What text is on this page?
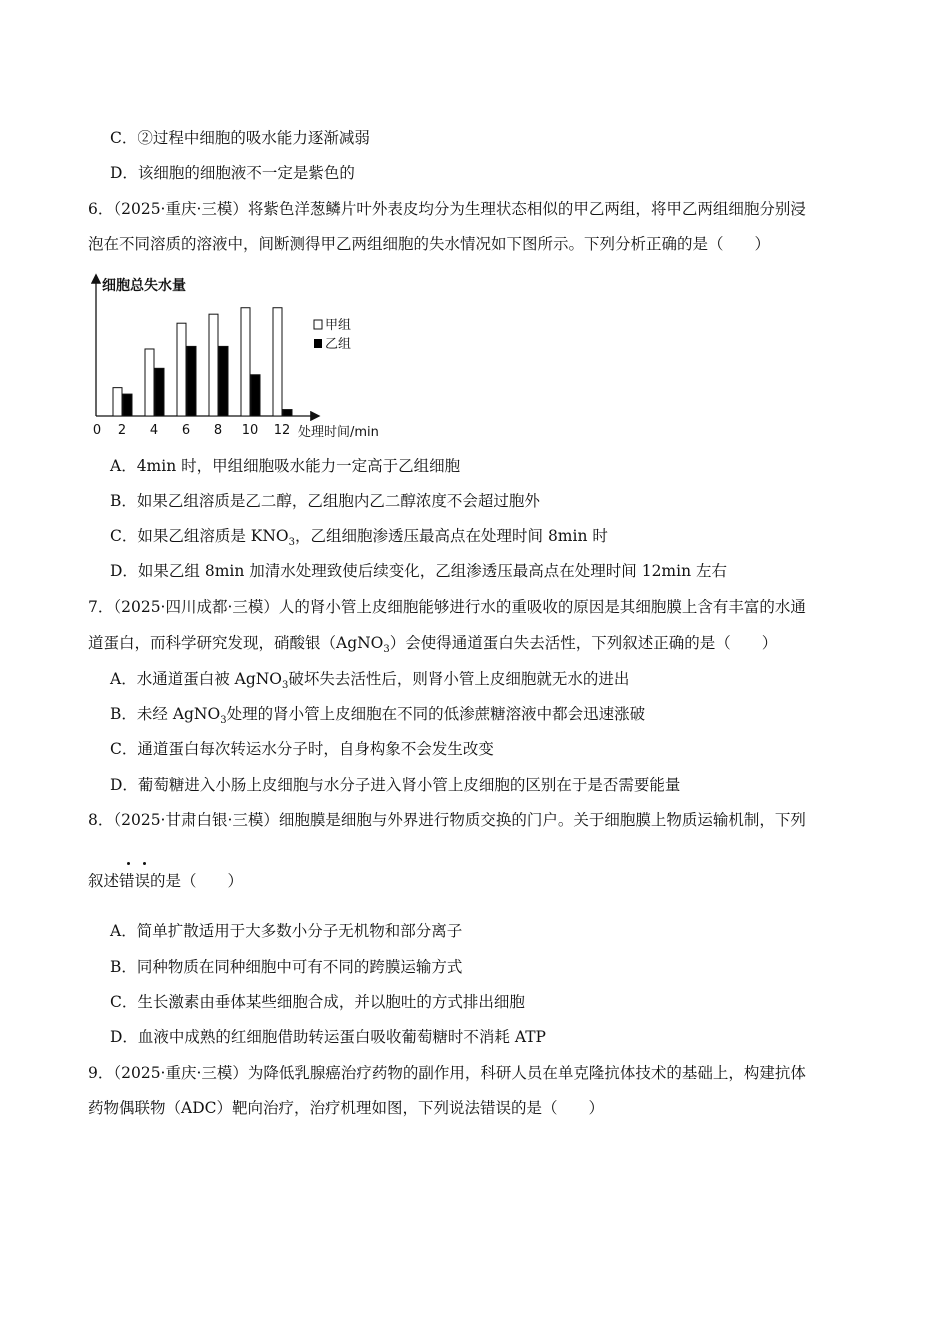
C．②过程中细胞的吸水能力逐渐减弱
D．该细胞的细胞液不一定是紫色的
6．（2025·重庆·三模）将紫色洋葱鳞片叶外表皮均分为生理状态相似的甲乙两组，将甲乙两组细胞分别浸
泡在不同溶质的溶液中，间断测得甲乙两组细胞的失水情况如下图所示。下列分析正确的是（　　）
细胞总失水量
处理时间/min
0 2 4 6 8 10 12
甲组
乙组
A．4min 时，甲组细胞吸水能力一定高于乙组细胞
B．如果乙组溶质是乙二醇，乙组胞内乙二醇浓度不会超过胞外
C．如果乙组溶质是 $KNO_3$，乙组细胞渗透压最高点在处理时间 8min 时
D．如果乙组 8min 加清水处理致使后续变化，乙组渗透压最高点在处理时间 12min 左右
7．（2025·四川成都·三模）人的肾小管上皮细胞能够进行水的重吸收的原因是其细胞膜上含有丰富的水通
道蛋白，而科学研究发现，硝酸银（AgNO$_3$）会使得通道蛋白失去活性，下列叙述正确的是（　　）
A．水通道蛋白被 AgNO$_3$破坏失去活性后，则肾小管上皮细胞就无水的进出
B．未经 AgNO$_3$处理的肾小管上皮细胞在不同的低渗蔗糖溶液中都会迅速涨破
C．通道蛋白每次转运水分子时，自身构象不会发生改变
D．葡萄糖进入小肠上皮细胞与水分子进入肾小管上皮细胞的区别在于是否需要能量
8．（2025·甘肃白银·三模）细胞膜是细胞与外界进行物质交换的门户。关于细胞膜上物质运输机制，下列
叙述错误的是（　　）
A．简单扩散适用于大多数小分子无机物和部分离子
B．同种物质在同种细胞中可有不同的跨膜运输方式
C．生长激素由垂体某些细胞合成，并以胞吐的方式排出细胞
D．血液中成熟的红细胞借助转运蛋白吸收葡萄糖时不消耗 ATP
9．（2025·重庆·三模）为降低乳腺癌治疗药物的副作用，科研人员在单克隆抗体技术的基础上，构建抗体
药物偶联物（ADC）靶向治疗，治疗机理如图，下列说法错误的是（　　）
